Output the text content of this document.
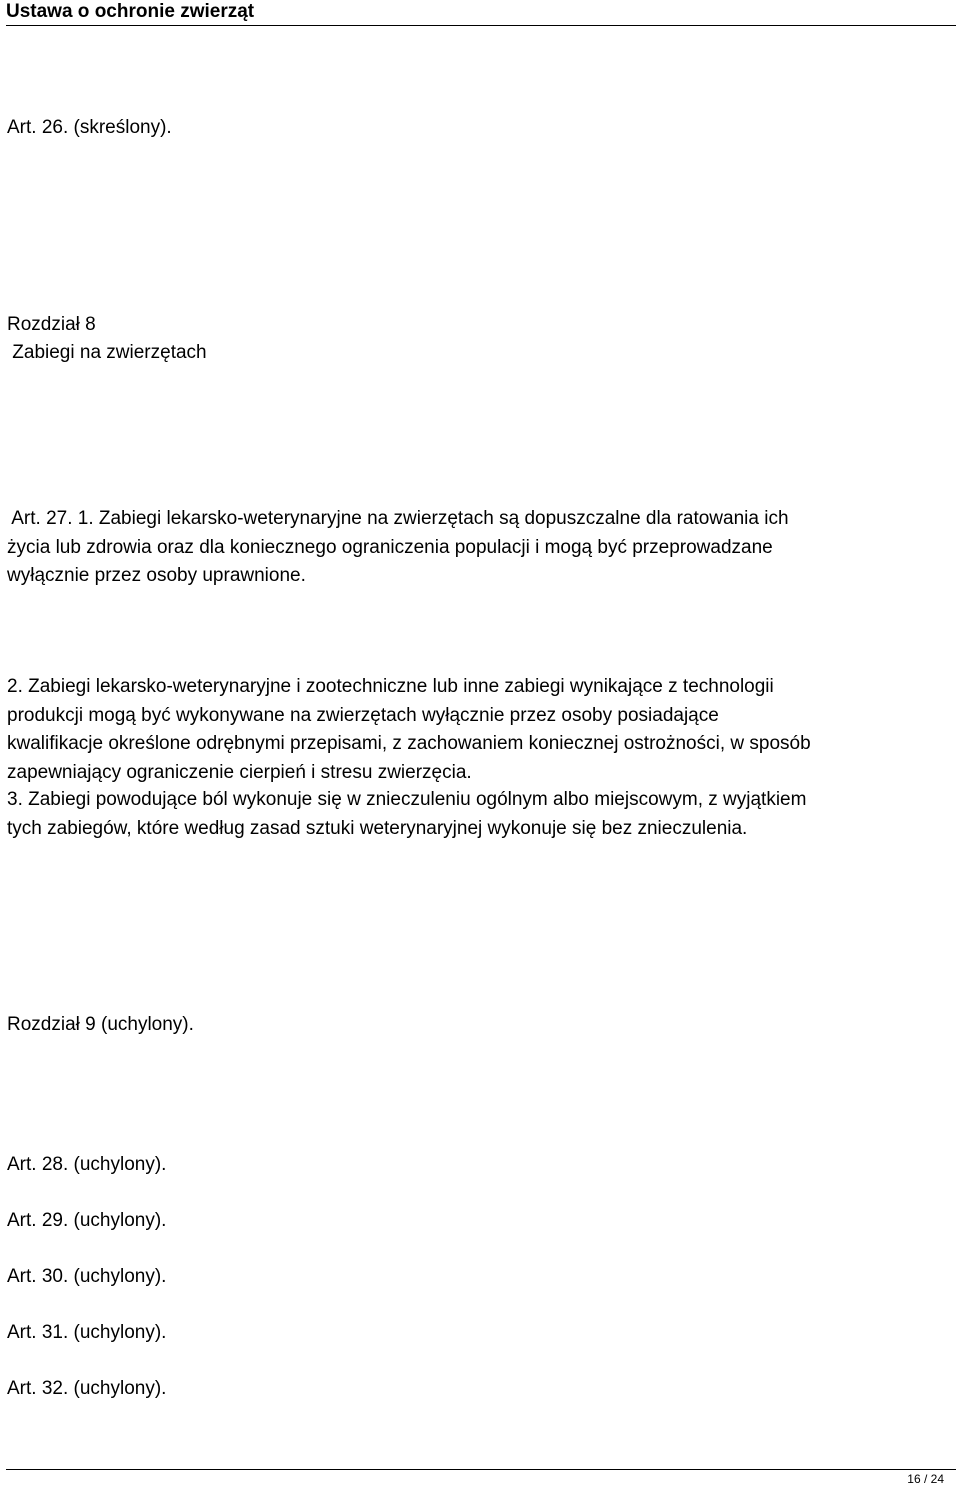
Ustawa o ochronie zwierząt
Art. 26. (skreślony).
Rozdział 8
Zabiegi na zwierzętach

Art. 27. 1. Zabiegi lekarsko-weterynaryjne na zwierzętach są dopuszczalne dla ratowania ich

życia lub zdrowia oraz dla koniecznego ograniczenia populacji i mogą być przeprowadzane

wyłącznie przez osoby uprawnione.

2. Zabiegi lekarsko-weterynaryjne i zootechniczne lub inne zabiegi wynikające z technologii

produkcji mogą być wykonywane na zwierzętach wyłącznie przez osoby posiadające

kwalifikacje określone odrębnymi przepisami, z zachowaniem koniecznej ostrożności, w sposób

zapewniający ograniczenie cierpień i stresu zwierzęcia.

3. Zabiegi powodujące ból wykonuje się w znieczuleniu ogólnym albo miejscowym, z wyjątkiem

tych zabiegów, które według zasad sztuki weterynaryjnej wykonuje się bez znieczulenia.

Rozdział 9 (uchylony).
Art. 28. (uchylony).
Art. 29. (uchylony).
Art. 30. (uchylony).
Art. 31. (uchylony).
Art. 32. (uchylony).
16 / 24
